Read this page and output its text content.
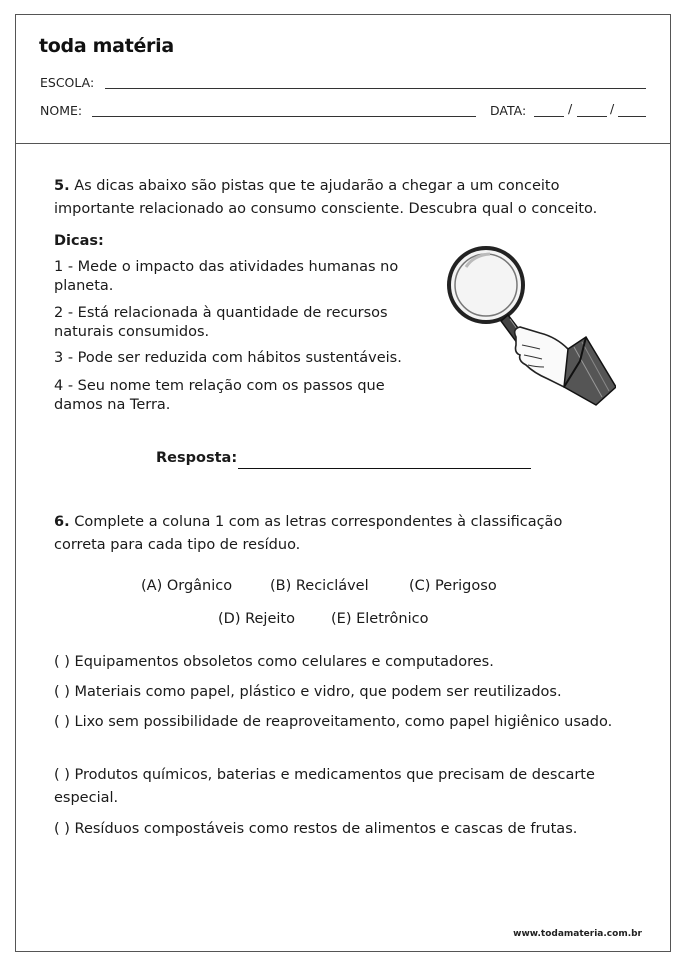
toda matéria
ESCOLA:
NOME:	DATA:	/	/
5. As dicas abaixo são pistas que te ajudarão a chegar a um conceito importante relacionado ao consumo consciente. Descubra qual o conceito.
Dicas:
1 - Mede o impacto das atividades humanas no planeta.
2 - Está relacionada à quantidade de recursos naturais consumidos.
3 - Pode ser reduzida com hábitos sustentáveis.
4 - Seu nome tem relação com os passos que damos na Terra.
Resposta:
6. Complete a coluna 1 com as letras correspondentes à classificação correta para cada tipo de resíduo.
(A) Orgânico	(B) Reciclável	(C) Perigoso
(D) Rejeito (E) Eletrônico
( ) Equipamentos obsoletos como celulares e computadores.
( ) Materiais como papel, plástico e vidro, que podem ser reutilizados.
( ) Lixo sem possibilidade de reaproveitamento, como papel higiênico usado.
( ) Produtos químicos, baterias e medicamentos que precisam de descarte especial.
( ) Resíduos compostáveis como restos de alimentos e cascas de frutas.
www.todamateria.com.br
